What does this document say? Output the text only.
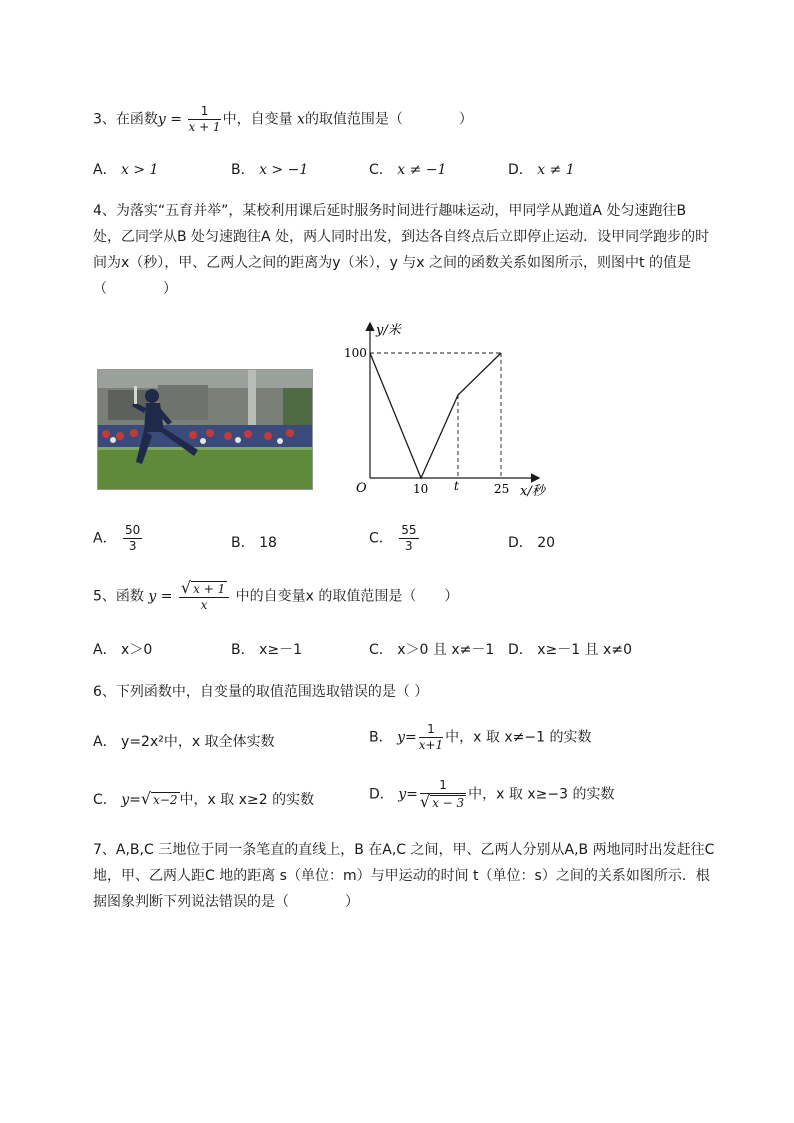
3、在函数$y = \frac{1}{x + 1}$ 中，自变量 x的取值范围是（　　　　）
A． x > 1	B． x > −1	C． x ≠ −1	D． x ≠ 1
4、为落实“五育并举”，某校利用课后延时服务时间进行趣味运动，甲同学从跑道A 处匀速跑往B
处，乙同学从B 处匀速跑往A 处，两人同时出发，到达各自终点后立即停止运动．设甲同学跑步的时
间为x（秒），甲、乙两人之间的距离为y（米），y 与x 之间的函数关系如图所示，则图中t 的值是
（　　　　）
y/米
x/秒
O
100
10 t	25
A． $\frac{50}{3}$	B． 18	C． $\frac{55}{3}$	D． 20
5、函数 $y = \frac{√ x + 1}{x}$ 中的自变量x 的取值范围是（　　）
A． x＞0	B． x≥－1	C． x＞0 且 x≠－1 D． x≥－1 且 x≠0
6、下列函数中，自变量的取值范围选取错误的是（ ）
A． y=2x²中，x 取全体实数	B． $y= \frac{1}{x+1}$ 中，x 取 x≠−1 的实数
C． y=√ x−2 中，x 取 x≥2 的实数	D． $y= \frac{1}{√ x - 3}$ 中，x 取 x≥−3 的实数
7、A,B,C 三地位于同一条笔直的直线上，B 在A,C 之间，甲、乙两人分别从A,B 两地同时出发赶往C
地，甲、乙两人距C 地的距离 s（单位：m）与甲运动的时间 t（单位：s）之间的关系如图所示．根
据图象判断下列说法错误的是（　　　　）
